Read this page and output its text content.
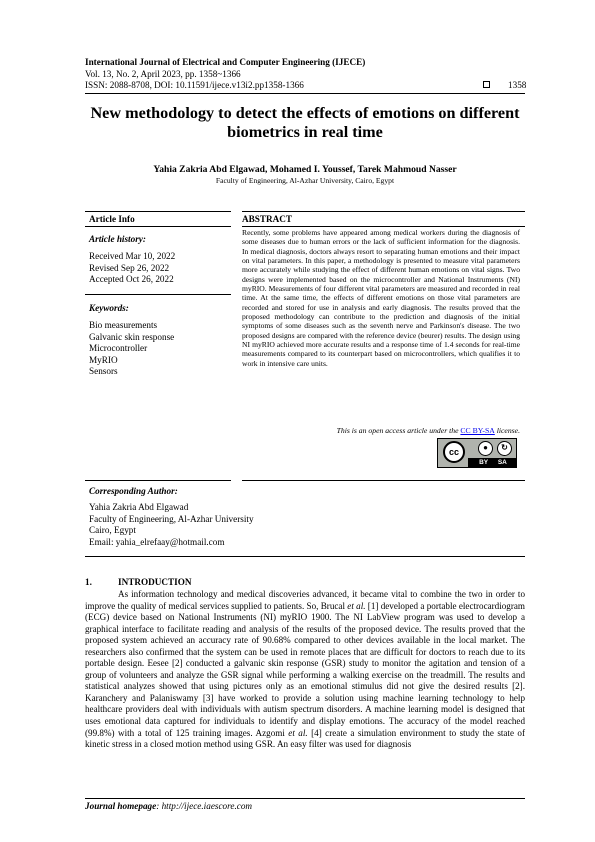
International Journal of Electrical and Computer Engineering (IJECE)
Vol. 13, No. 2, April 2023, pp. 1358~1366
ISSN: 2088-8708, DOI: 10.11591/ijece.v13i2.pp1358-1366	1358
New methodology to detect the effects of emotions on different
biometrics in real time
Yahia Zakria Abd Elgawad, Mohamed I. Youssef, Tarek Mahmoud Nasser
Faculty of Engineering, Al-Azhar University, Cairo, Egypt
Article Info	ABSTRACT
Article history:
Received Mar 10, 2022
Revised Sep 26, 2022
Accepted Oct 26, 2022
Keywords:
Bio measurements
Galvanic skin response
Microcontroller
MyRIO
Sensors
Recently, some problems have appeared among medical workers during the diagnosis of some diseases due to human errors or the lack of sufficient information for the diagnosis. In medical diagnosis, doctors always resort to separating human emotions and their impact on vital parameters. In this paper, a methodology is presented to measure vital parameters more accurately while studying the effect of different human emotions on vital signs. Two designs were implemented based on the microcontroller and National Instruments (NI) myRIO. Measurements of four different vital parameters are measured and recorded in real time. At the same time, the effects of different emotions on those vital parameters are recorded and stored for use in analysis and early diagnosis. The results proved that the proposed methodology can contribute to the prediction and diagnosis of the initial symptoms of some diseases such as the seventh nerve and Parkinson's disease. The two proposed designs are compared with the reference device (beurer) results. The design using NI myRIO achieved more accurate results and a response time of 1.4 seconds for real-time measurements compared to its counterpart based on microcontrollers, which qualifies it to work in intensive care units.
This is an open access article under the CC BY-SA license.
cc	●	↻
BY SA
Corresponding Author:
Yahia Zakria Abd Elgawad
Faculty of Engineering, Al-Azhar University
Cairo, Egypt
Email: yahia_elrefaay@hotmail.com
1.	INTRODUCTION
As information technology and medical discoveries advanced, it became vital to combine the two in order to improve the quality of medical services supplied to patients. So, Brucal et al. [1] developed a portable electrocardiogram (ECG) device based on National Instruments (NI) myRIO 1900. The NI LabView program was used to develop a graphical interface to facilitate reading and analysis of the results of the proposed device. The results proved that the proposed system achieved an accuracy rate of 90.68% compared to other devices available in the local market. The researchers also confirmed that the system can be used in remote places that are difficult for doctors to reach due to its portable design. Eesee [2] conducted a galvanic skin response (GSR) study to monitor the agitation and tension of a group of volunteers and analyze the GSR signal while performing a walking exercise on the treadmill. The results and statistical analyzes showed that using pictures only as an emotional stimulus did not give the desired results [2]. Karanchery and Palaniswamy [3] have worked to provide a solution using machine learning technology to help healthcare providers deal with individuals with autism spectrum disorders. A machine learning model is designed that uses emotional data captured for individuals to identify and display emotions. The accuracy of the model reached (99.8%) with a total of 125 training images. Azgomi et al. [4] create a simulation environment to study the state of kinetic stress in a closed motion method using GSR. An easy filter was used for diagnosis
Journal homepage: http://ijece.iaescore.com
